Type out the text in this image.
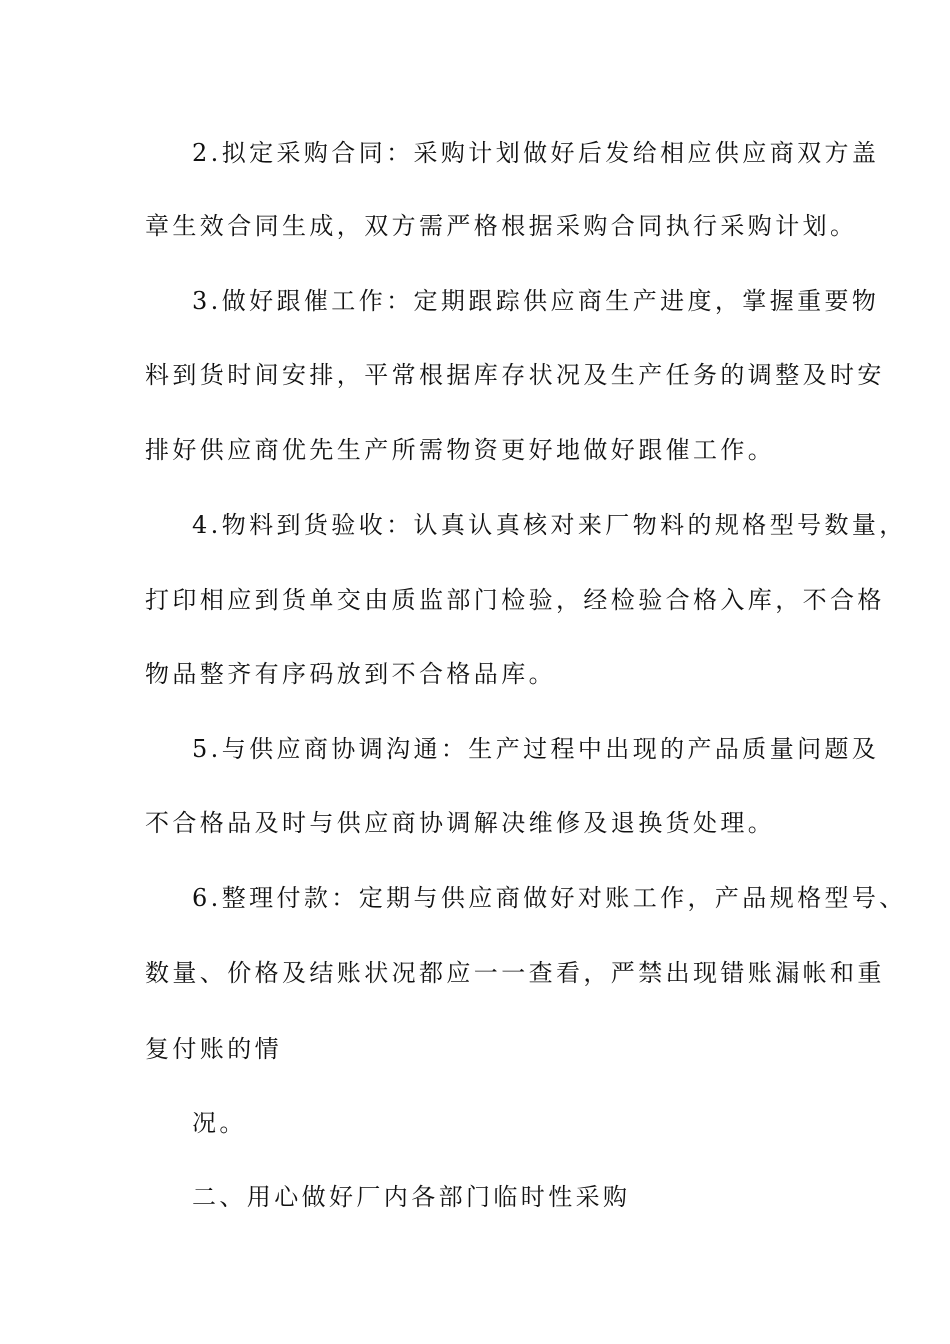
2.拟定采购合同：采购计划做好后发给相应供应商双方盖
章生效合同生成，双方需严格根据采购合同执行采购计划。
3.做好跟催工作：定期跟踪供应商生产进度，掌握重要物
料到货时间安排，平常根据库存状况及生产任务的调整及时安
排好供应商优先生产所需物资更好地做好跟催工作。
4.物料到货验收：认真认真核对来厂物料的规格型号数量，
打印相应到货单交由质监部门检验，经检验合格入库，不合格
物品整齐有序码放到不合格品库。
5.与供应商协调沟通：生产过程中出现的产品质量问题及
不合格品及时与供应商协调解决维修及退换货处理。
6.整理付款：定期与供应商做好对账工作，产品规格型号、
数量、价格及结账状况都应一一查看，严禁出现错账漏帐和重
复付账的情
况。
二、用心做好厂内各部门临时性采购
